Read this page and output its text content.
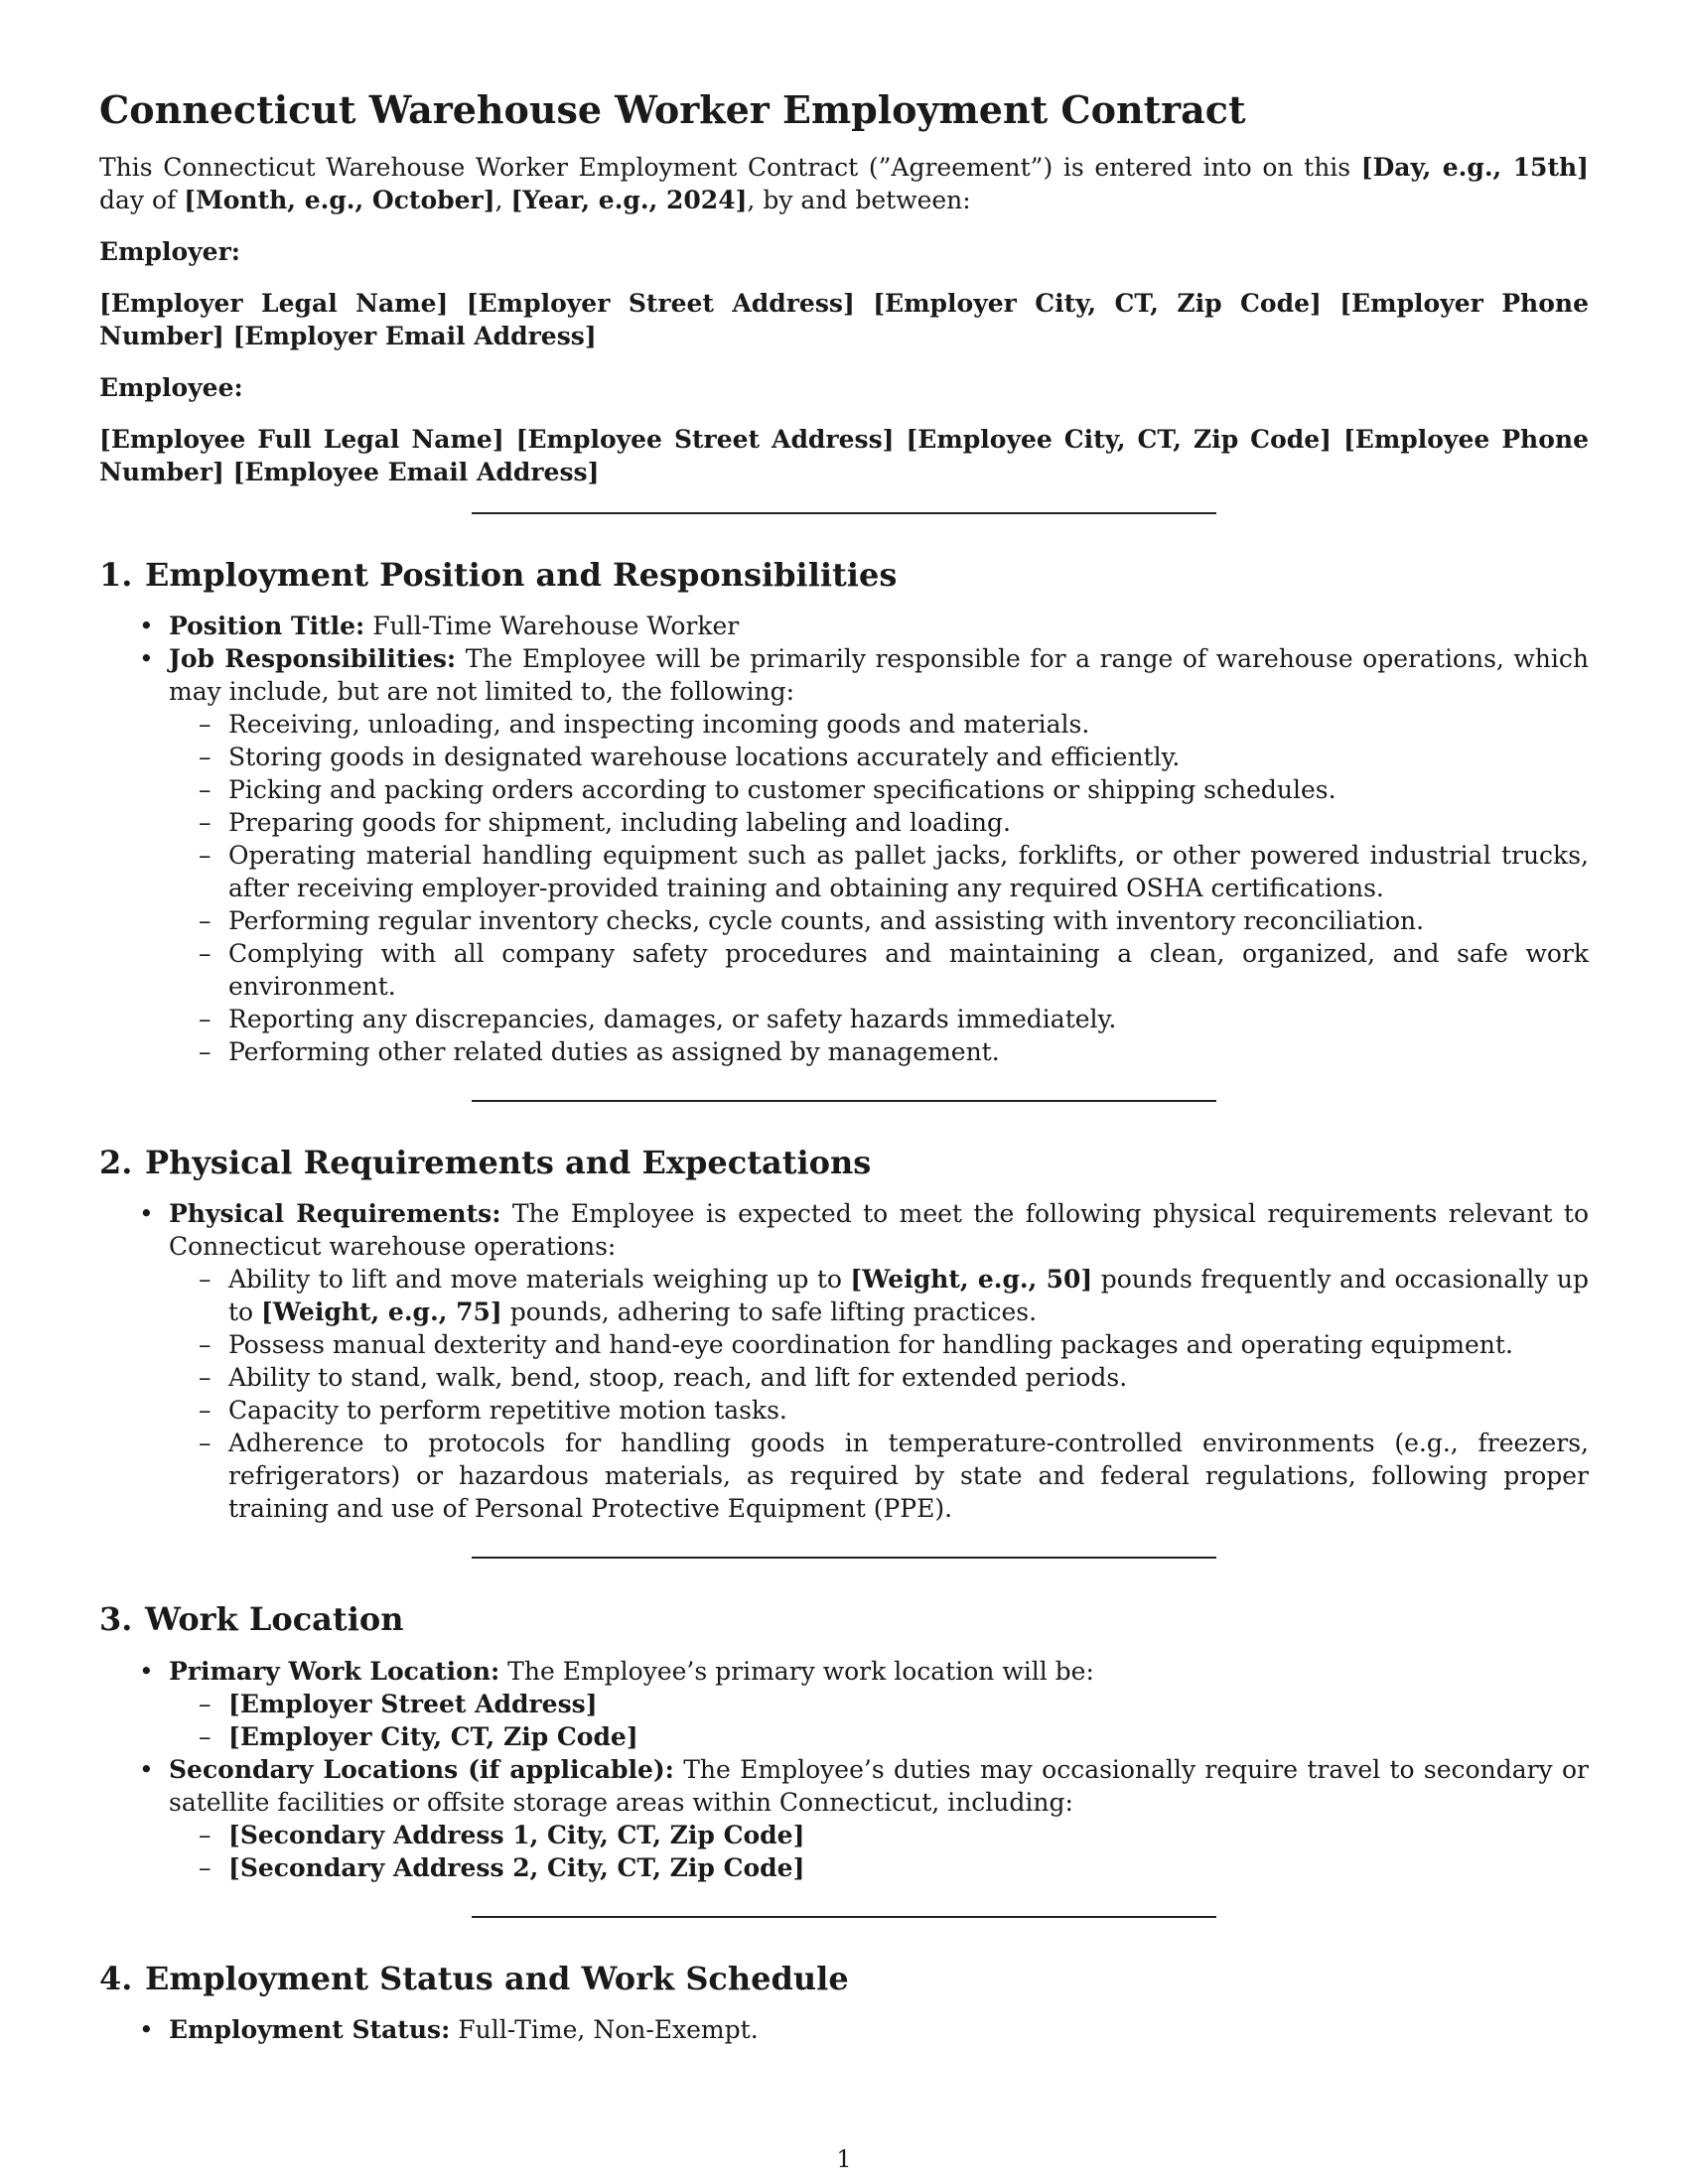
Connecticut Warehouse Worker Employment Contract

This Connecticut Warehouse Worker Employment Contract (”Agreement”) is entered into on this [Day, e.g., 15th] day of [Month, e.g., October], [Year, e.g., 2024], by and between:

Employer:

[Employer Legal Name] [Employer Street Address] [Employer City, CT, Zip Code] [Employer Phone Number] [Employer Email Address]

Employee:

[Employee Full Legal Name] [Employee Street Address] [Employee City, CT, Zip Code] [Employee Phone Number] [Employee Email Address]

1. Employment Position and Responsibilities
• Position Title: Full-Time Warehouse Worker
• Job Responsibilities: The Employee will be primarily responsible for a range of warehouse operations, which may include, but are not limited to, the following:
– Receiving, unloading, and inspecting incoming goods and materials.
– Storing goods in designated warehouse locations accurately and efficiently.
– Picking and packing orders according to customer specifications or shipping schedules.
– Preparing goods for shipment, including labeling and loading.
– Operating material handling equipment such as pallet jacks, forklifts, or other powered industrial trucks, after receiving employer-provided training and obtaining any required OSHA certifications.
– Performing regular inventory checks, cycle counts, and assisting with inventory reconciliation.
– Complying with all company safety procedures and maintaining a clean, organized, and safe work environment.
– Reporting any discrepancies, damages, or safety hazards immediately.
– Performing other related duties as assigned by management.
2. Physical Requirements and Expectations
• Physical Requirements: The Employee is expected to meet the following physical requirements relevant to Connecticut warehouse operations:
– Ability to lift and move materials weighing up to [Weight, e.g., 50] pounds frequently and occasionally up to [Weight, e.g., 75] pounds, adhering to safe lifting practices.
– Possess manual dexterity and hand-eye coordination for handling packages and operating equipment.
– Ability to stand, walk, bend, stoop, reach, and lift for extended periods.
– Capacity to perform repetitive motion tasks.
– Adherence to protocols for handling goods in temperature-controlled environments (e.g., freezers, refrigerators) or hazardous materials, as required by state and federal regulations, following proper training and use of Personal Protective Equipment (PPE).
3. Work Location
• Primary Work Location: The Employee’s primary work location will be:
– [Employer Street Address]
– [Employer City, CT, Zip Code]
• Secondary Locations (if applicable): The Employee’s duties may occasionally require travel to secondary or satellite facilities or offsite storage areas within Connecticut, including:
– [Secondary Address 1, City, CT, Zip Code]
– [Secondary Address 2, City, CT, Zip Code]
4. Employment Status and Work Schedule
• Employment Status: Full-Time, Non-Exempt.
1
